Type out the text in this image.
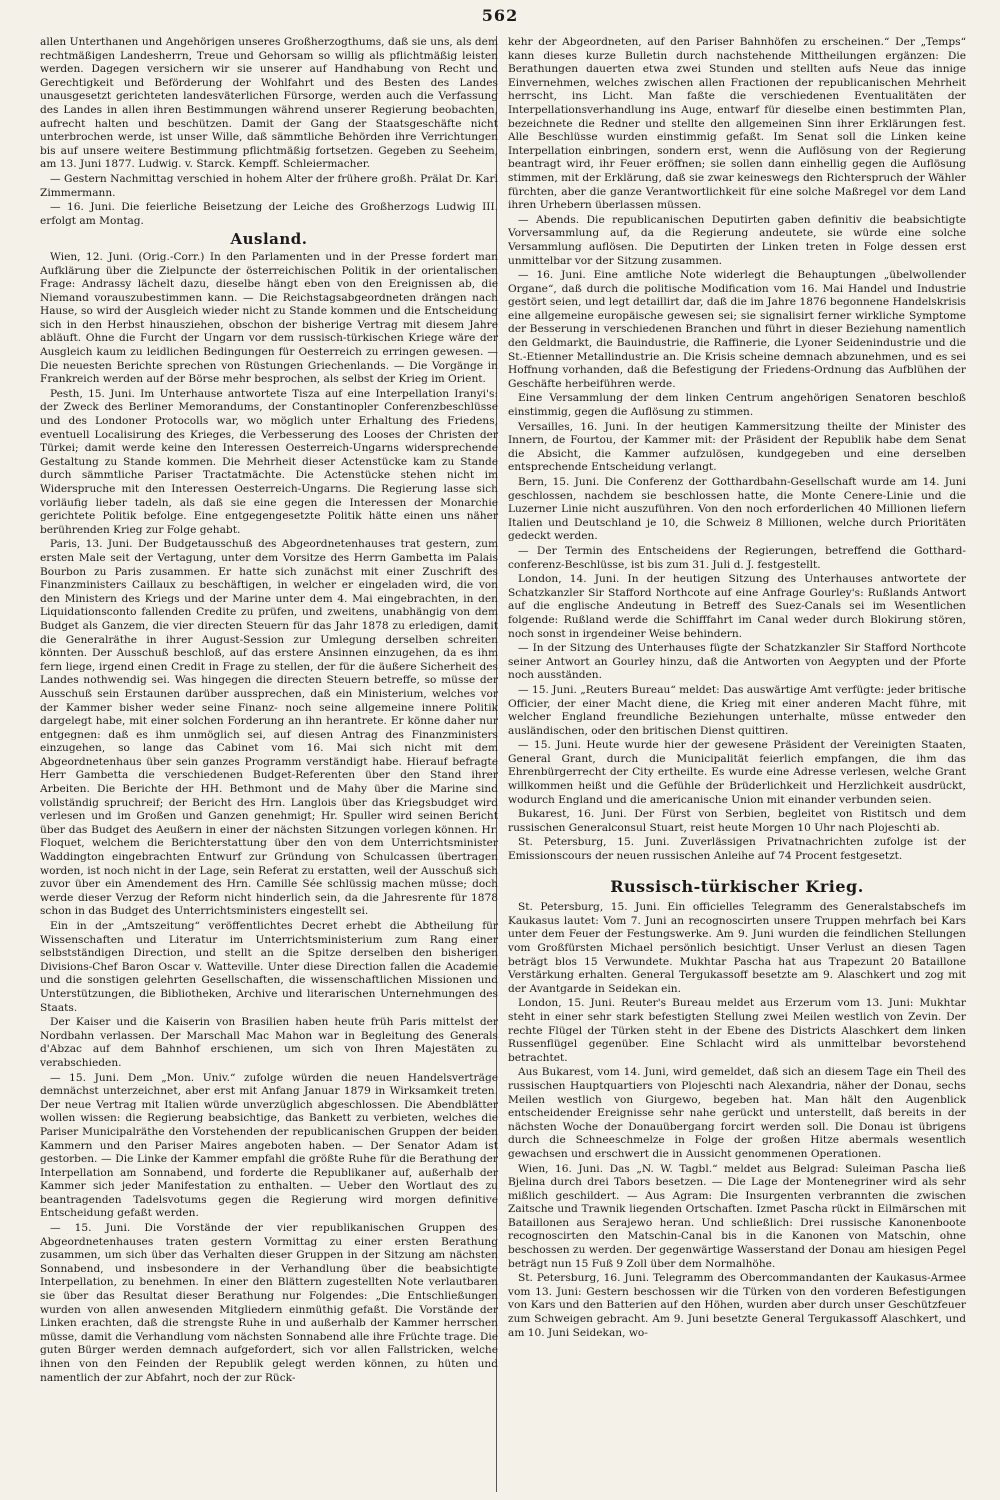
562

allen Unterthanen und Angehörigen unseres Großherzogthums, daß sie uns, als dem rechtmäßigen Landesherrn, Treue und Gehorsam so willig als pflichtmäßig leisten werden. Dagegen versichern wir sie unserer auf Handhabung von Recht und Gerechtigkeit und Beförderung der Wohlfahrt und des Besten des Landes unausgesetzt gerichteten landesväterlichen Fürsorge, werden auch die Verfassung des Landes in allen ihren Bestimmungen während unserer Regierung beobachten, aufrecht halten und beschützen. Damit der Gang der Staatsgeschäfte nicht unterbrochen werde, ist unser Wille, daß sämmtliche Behörden ihre Verrichtungen bis auf unsere weitere Bestimmung pflichtmäßig fortsetzen. Gegeben zu Seeheim, am 13. Juni 1877. Ludwig. v. Starck. Kempff. Schleiermacher.

— Gestern Nachmittag verschied in hohem Alter der frühere großh. Prälat Dr. Karl Zimmermann.

— 16. Juni. Die feierliche Beisetzung der Leiche des Großherzogs Ludwig III. erfolgt am Montag.

Ausland.

Wien, 12. Juni. (Orig.-Corr.) In den Parlamenten und in der Presse fordert man Aufklärung über die Zielpuncte der österreichischen Politik in der orientalischen Frage: Andrassy lächelt dazu, dieselbe hängt eben von den Ereignissen ab, die Niemand vorauszubestimmen kann. — Die Reichstagsabgeordneten drängen nach Hause, so wird der Ausgleich wieder nicht zu Stande kommen und die Entscheidung sich in den Herbst hinausziehen, obschon der bisherige Vertrag mit diesem Jahre abläuft. Ohne die Furcht der Ungarn vor dem russisch-türkischen Kriege wäre der Ausgleich kaum zu leidlichen Bedingungen für Oesterreich zu erringen gewesen. — Die neuesten Berichte sprechen von Rüstungen Griechenlands. — Die Vorgänge in Frankreich werden auf der Börse mehr besprochen, als selbst der Krieg im Orient.

Pesth, 15. Juni. Im Unterhause antwortete Tisza auf eine Interpellation Iranyi's: der Zweck des Berliner Memorandums, der Constantinopler Conferenzbeschlüsse und des Londoner Protocolls war, wo möglich unter Erhaltung des Friedens, eventuell Localisirung des Krieges, die Verbesserung des Looses der Christen der Türkei; damit werde keine den Interessen Oesterreich-Ungarns widersprechende Gestaltung zu Stande kommen. Die Mehrheit dieser Actenstücke kam zu Stande durch sämmtliche Pariser Tractatmächte. Die Actenstücke stehen nicht im Widerspruche mit den Interessen Oesterreich-Ungarns. Die Regierung lasse sich vorläufig lieber tadeln, als daß sie eine gegen die Interessen der Monarchie gerichtete Politik befolge. Eine entgegengesetzte Politik hätte einen uns näher berührenden Krieg zur Folge gehabt.

Paris, 13. Juni. Der Budgetausschuß des Abgeordnetenhauses trat gestern, zum ersten Male seit der Vertagung, unter dem Vorsitze des Herrn Gambetta im Palais Bourbon zu Paris zusammen. Er hatte sich zunächst mit einer Zuschrift des Finanzministers Caillaux zu beschäftigen, in welcher er eingeladen wird, die von den Ministern des Kriegs und der Marine unter dem 4. Mai eingebrachten, in den Liquidationsconto fallenden Credite zu prüfen, und zweitens, unabhängig von dem Budget als Ganzem, die vier directen Steuern für das Jahr 1878 zu erledigen, damit die Generalräthe in ihrer August-Session zur Umlegung derselben schreiten könnten. Der Ausschuß beschloß, auf das erstere Ansinnen einzugehen, da es ihm fern liege, irgend einen Credit in Frage zu stellen, der für die äußere Sicherheit des Landes nothwendig sei. Was hingegen die directen Steuern betreffe, so müsse der Ausschuß sein Erstaunen darüber aussprechen, daß ein Ministerium, welches vor der Kammer bisher weder seine Finanz- noch seine allgemeine innere Politik dargelegt habe, mit einer solchen Forderung an ihn herantrete. Er könne daher nur entgegnen: daß es ihm unmöglich sei, auf diesen Antrag des Finanzministers einzugehen, so lange das Cabinet vom 16. Mai sich nicht mit dem Abgeordnetenhaus über sein ganzes Programm verständigt habe. Hierauf befragte Herr Gambetta die verschiedenen Budget-Referenten über den Stand ihrer Arbeiten. Die Berichte der HH. Bethmont und de Mahy über die Marine sind vollständig spruchreif; der Bericht des Hrn. Langlois über das Kriegsbudget wird verlesen und im Großen und Ganzen genehmigt; Hr. Spuller wird seinen Bericht über das Budget des Aeußern in einer der nächsten Sitzungen vorlegen können. Hr. Floquet, welchem die Berichterstattung über den von dem Unterrichtsminister Waddington eingebrachten Entwurf zur Gründung von Schulcassen übertragen worden, ist noch nicht in der Lage, sein Referat zu erstatten, weil der Ausschuß sich zuvor über ein Amendement des Hrn. Camille Sée schlüssig machen müsse; doch werde dieser Verzug der Reform nicht hinderlich sein, da die Jahresrente für 1878 schon in das Budget des Unterrichtsministers eingestellt sei.

Ein in der „Amtszeitung“ veröffentlichtes Decret erhebt die Abtheilung für Wissenschaften und Literatur im Unterrichtsministerium zum Rang einer selbstständigen Direction, und stellt an die Spitze derselben den bisherigen Divisions-Chef Baron Oscar v. Watteville. Unter diese Direction fallen die Academie und die sonstigen gelehrten Gesellschaften, die wissenschaftlichen Missionen und Unterstützungen, die Bibliotheken, Archive und literarischen Unternehmungen des Staats.

Der Kaiser und die Kaiserin von Brasilien haben heute früh Paris mittelst der Nordbahn verlassen. Der Marschall Mac Mahon war in Begleitung des Generals d'Abzac auf dem Bahnhof erschienen, um sich von Ihren Majestäten zu verabschieden.

— 15. Juni. Dem „Mon. Univ.“ zufolge würden die neuen Handelsverträge demnächst unterzeichnet, aber erst mit Anfang Januar 1879 in Wirksamkeit treten. Der neue Vertrag mit Italien würde unverzüglich abgeschlossen. Die Abendblätter wollen wissen: die Regierung beabsichtige, das Bankett zu verbieten, welches die Pariser Municipalräthe den Vorstehenden der republicanischen Gruppen der beiden Kammern und den Pariser Maires angeboten haben. — Der Senator Adam ist gestorben. — Die Linke der Kammer empfahl die größte Ruhe für die Berathung der Interpellation am Sonnabend, und forderte die Republikaner auf, außerhalb der Kammer sich jeder Manifestation zu enthalten. — Ueber den Wortlaut des zu beantragenden Tadelsvotums gegen die Regierung wird morgen definitive Entscheidung gefaßt werden.

— 15. Juni. Die Vorstände der vier republikanischen Gruppen des Abgeordnetenhauses traten gestern Vormittag zu einer ersten Berathung zusammen, um sich über das Verhalten dieser Gruppen in der Sitzung am nächsten Sonnabend, und insbesondere in der Verhandlung über die beabsichtigte Interpellation, zu benehmen. In einer den Blättern zugestellten Note verlautbaren sie über das Resultat dieser Berathung nur Folgendes: „Die Entschließungen wurden von allen anwesenden Mitgliedern einmüthig gefaßt. Die Vorstände der Linken erachten, daß die strengste Ruhe in und außerhalb der Kammer herrschen müsse, damit die Verhandlung vom nächsten Sonnabend alle ihre Früchte trage. Die guten Bürger werden demnach aufgefordert, sich vor allen Fallstricken, welche ihnen von den Feinden der Republik gelegt werden können, zu hüten und namentlich der zur Abfahrt, noch der zur Rück-

kehr der Abgeordneten, auf den Pariser Bahnhöfen zu erscheinen.“ Der „Temps“ kann dieses kurze Bulletin durch nachstehende Mittheilungen ergänzen: Die Berathungen dauerten etwa zwei Stunden und stellten aufs Neue das innige Einvernehmen, welches zwischen allen Fractionen der republicanischen Mehrheit herrscht, ins Licht. Man faßte die verschiedenen Eventualitäten der Interpellationsverhandlung ins Auge, entwarf für dieselbe einen bestimmten Plan, bezeichnete die Redner und stellte den allgemeinen Sinn ihrer Erklärungen fest. Alle Beschlüsse wurden einstimmig gefaßt. Im Senat soll die Linken keine Interpellation einbringen, sondern erst, wenn die Auflösung von der Regierung beantragt wird, ihr Feuer eröffnen; sie sollen dann einhellig gegen die Auflösung stimmen, mit der Erklärung, daß sie zwar keineswegs den Richterspruch der Wähler fürchten, aber die ganze Verantwortlichkeit für eine solche Maßregel vor dem Land ihren Urhebern überlassen müssen.

— Abends. Die republicanischen Deputirten gaben definitiv die beabsichtigte Vorversammlung auf, da die Regierung andeutete, sie würde eine solche Versammlung auflösen. Die Deputirten der Linken treten in Folge dessen erst unmittelbar vor der Sitzung zusammen.

— 16. Juni. Eine amtliche Note widerlegt die Behauptungen „übelwollender Organe“, daß durch die politische Modification vom 16. Mai Handel und Industrie gestört seien, und legt detaillirt dar, daß die im Jahre 1876 begonnene Handelskrisis eine allgemeine europäische gewesen sei; sie signalisirt ferner wirkliche Symptome der Besserung in verschiedenen Branchen und führt in dieser Beziehung namentlich den Geldmarkt, die Bauindustrie, die Raffinerie, die Lyoner Seidenindustrie und die St.-Etienner Metallindustrie an. Die Krisis scheine demnach abzunehmen, und es sei Hoffnung vorhanden, daß die Befestigung der Friedens-Ordnung das Aufblühen der Geschäfte herbeiführen werde.

Eine Versammlung der dem linken Centrum angehörigen Senatoren beschloß einstimmig, gegen die Auflösung zu stimmen.

Versailles, 16. Juni. In der heutigen Kammersitzung theilte der Minister des Innern, de Fourtou, der Kammer mit: der Präsident der Republik habe dem Senat die Absicht, die Kammer aufzulösen, kundgegeben und eine derselben entsprechende Entscheidung verlangt.

Bern, 15. Juni. Die Conferenz der Gotthardbahn-Gesellschaft wurde am 14. Juni geschlossen, nachdem sie beschlossen hatte, die Monte Cenere-Linie und die Luzerner Linie nicht auszuführen. Von den noch erforderlichen 40 Millionen liefern Italien und Deutschland je 10, die Schweiz 8 Millionen, welche durch Prioritäten gedeckt werden.

— Der Termin des Entscheidens der Regierungen, betreffend die Gotthard-conferenz-Beschlüsse, ist bis zum 31. Juli d. J. festgestellt.

London, 14. Juni. In der heutigen Sitzung des Unterhauses antwortete der Schatzkanzler Sir Stafford Northcote auf eine Anfrage Gourley's: Rußlands Antwort auf die englische Andeutung in Betreff des Suez-Canals sei im Wesentlichen folgende: Rußland werde die Schifffahrt im Canal weder durch Blokirung stören, noch sonst in irgendeiner Weise behindern.

— In der Sitzung des Unterhauses fügte der Schatzkanzler Sir Stafford Northcote seiner Antwort an Gourley hinzu, daß die Antworten von Aegypten und der Pforte noch ausständen.

— 15. Juni. „Reuters Bureau“ meldet: Das auswärtige Amt verfügte: jeder britische Officier, der einer Macht diene, die Krieg mit einer anderen Macht führe, mit welcher England freundliche Beziehungen unterhalte, müsse entweder den ausländischen, oder den britischen Dienst quittiren.

— 15. Juni. Heute wurde hier der gewesene Präsident der Vereinigten Staaten, General Grant, durch die Municipalität feierlich empfangen, die ihm das Ehrenbürgerrecht der City ertheilte. Es wurde eine Adresse verlesen, welche Grant willkommen heißt und die Gefühle der Brüderlichkeit und Herzlichkeit ausdrückt, wodurch England und die americanische Union mit einander verbunden seien.

Bukarest, 16. Juni. Der Fürst von Serbien, begleitet von Ristitsch und dem russischen Generalconsul Stuart, reist heute Morgen 10 Uhr nach Plojeschti ab.

St. Petersburg, 15. Juni. Zuverlässigen Privatnachrichten zufolge ist der Emissionscours der neuen russischen Anleihe auf 74 Procent festgesetzt.

Russisch-türkischer Krieg.

St. Petersburg, 15. Juni. Ein officielles Telegramm des Generalstabschefs im Kaukasus lautet: Vom 7. Juni an recognoscirten unsere Truppen mehrfach bei Kars unter dem Feuer der Festungswerke. Am 9. Juni wurden die feindlichen Stellungen vom Großfürsten Michael persönlich besichtigt. Unser Verlust an diesen Tagen beträgt blos 15 Verwundete. Mukhtar Pascha hat aus Trapezunt 20 Bataillone Verstärkung erhalten. General Tergukassoff besetzte am 9. Alaschkert und zog mit der Avantgarde in Seidekan ein.

London, 15. Juni. Reuter's Bureau meldet aus Erzerum vom 13. Juni: Mukhtar steht in einer sehr stark befestigten Stellung zwei Meilen westlich von Zevin. Der rechte Flügel der Türken steht in der Ebene des Districts Alaschkert dem linken Russenflügel gegenüber. Eine Schlacht wird als unmittelbar bevorstehend betrachtet.

Aus Bukarest, vom 14. Juni, wird gemeldet, daß sich an diesem Tage ein Theil des russischen Hauptquartiers von Plojeschti nach Alexandria, näher der Donau, sechs Meilen westlich von Giurgewo, begeben hat. Man hält den Augenblick entscheidender Ereignisse sehr nahe gerückt und unterstellt, daß bereits in der nächsten Woche der Donauübergang forcirt werden soll. Die Donau ist übrigens durch die Schneeschmelze in Folge der großen Hitze abermals wesentlich gewachsen und erschwert die in Aussicht genommenen Operationen.

Wien, 16. Juni. Das „N. W. Tagbl.“ meldet aus Belgrad: Suleiman Pascha ließ Bjelina durch drei Tabors besetzen. — Die Lage der Montenegriner wird als sehr mißlich geschildert. — Aus Agram: Die Insurgenten verbrannten die zwischen Zaitsche und Trawnik liegenden Ortschaften. Izmet Pascha rückt in Eilmärschen mit Bataillonen aus Serajewo heran. Und schließlich: Drei russische Kanonenboote recognoscirten den Matschin-Canal bis in die Kanonen von Matschin, ohne beschossen zu werden. Der gegenwärtige Wasserstand der Donau am hiesigen Pegel beträgt nun 15 Fuß 9 Zoll über dem Normalhöhe.

St. Petersburg, 16. Juni. Telegramm des Obercommandanten der Kaukasus-Armee vom 13. Juni: Gestern beschossen wir die Türken von den vorderen Befestigungen von Kars und den Batterien auf den Höhen, wurden aber durch unser Geschützfeuer zum Schweigen gebracht. Am 9. Juni besetzte General Tergukassoff Alaschkert, und am 10. Juni Seidekan, wo-
